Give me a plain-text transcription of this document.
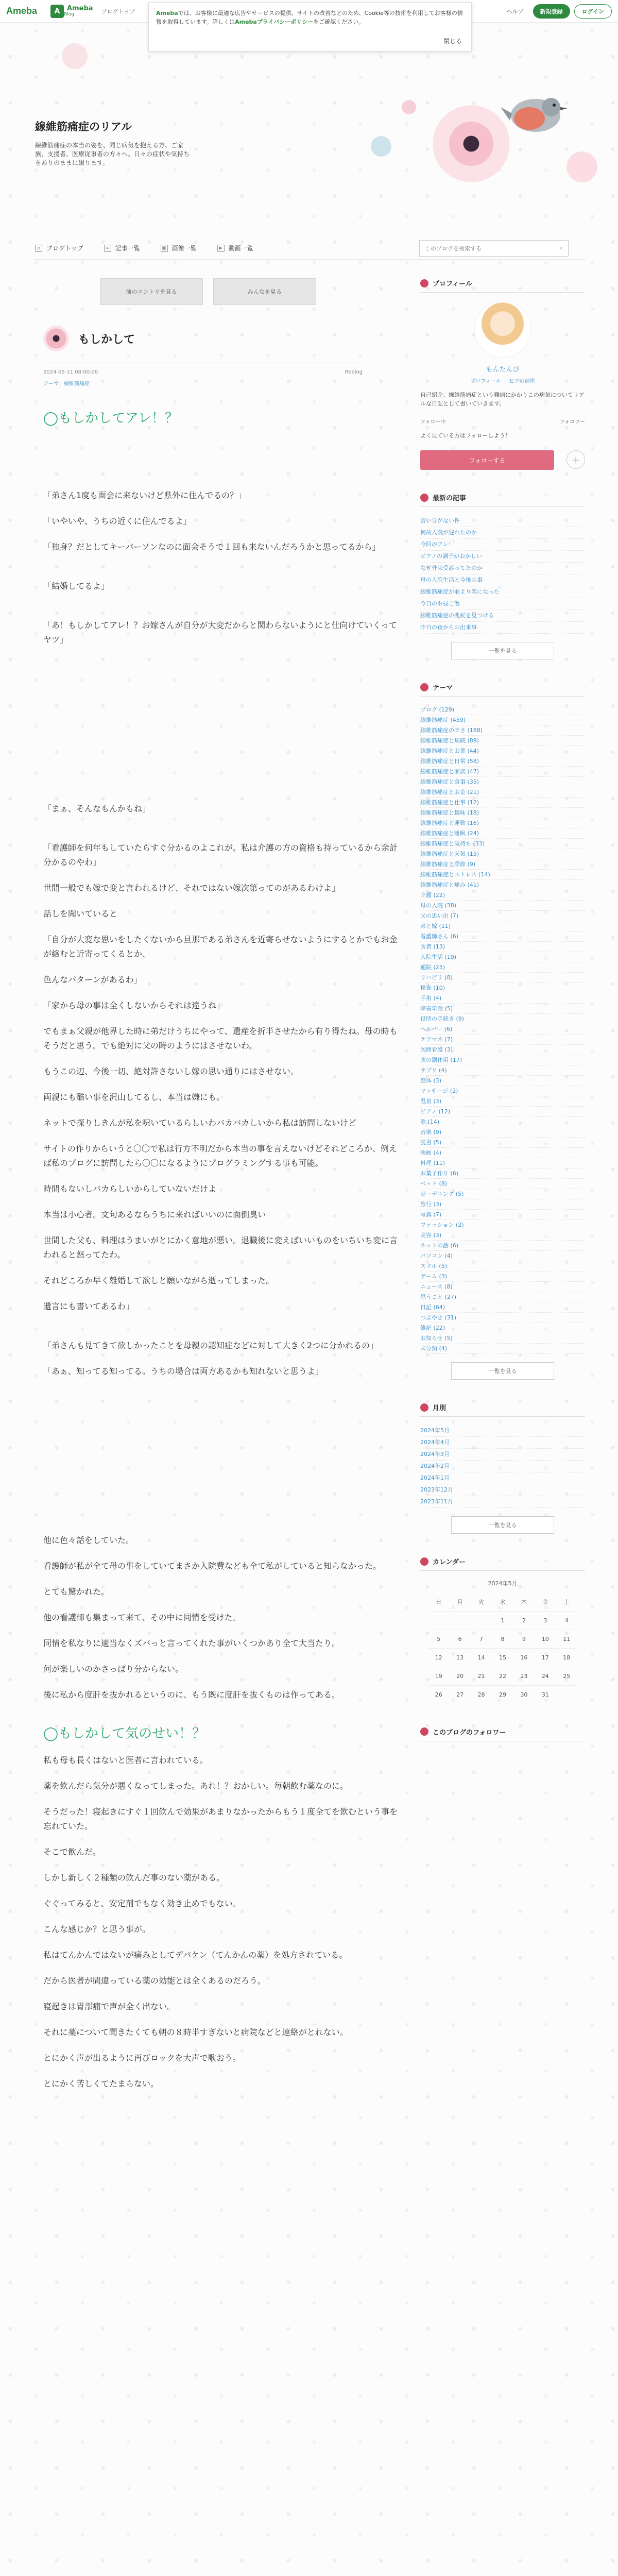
Ameba	A	Ameba
Blog	ブログトップ	ヘルプ	新規登録	ログイン
Amebaでは、お客様に最適な広告やサービスの提供、サイトの改善などのため、Cookie等の技術を利用してお客様の情報を取得しています。詳しくはAmebaプライバシーポリシーをご確認ください。
閉じる
線維筋痛症のリアル
線維筋痛症の本当の姿を、同じ病気を抱える方、ご家族、支援者、医療従事者の方々へ。日々の症状や気持ちをありのままに綴ります。
⌂	ブログトップ	≡ 記事一覧	▣ 画像一覧	▶ 動画一覧
このブログを検索する	⌕
前のエントリを見る	みんなを見る
もしかして
2024-05-11 08:00:00	Reblog
テーマ：線維筋痛症
◯もしかしてアレ！？

「弟さん1度も面会に来ないけど県外に住んでるの？」

「いやいや、うちの近くに住んでるよ」

「独身？だとしてキーパーソンなのに面会そうで１回も来ないんだろうかと思ってるから」

「結婚してるよ」

「あ！もしかしてアレ！？お嫁さんが自分が大変だからと関わらないようにと仕向けていくってヤツ」

「まぁ、そんなもんかもね」

「看護師を何年もしていたらすぐ分かるのよこれが。私は介護の方の資格も持っているから余計分かるのやわ」

世間一般でも嫁で変と言われるけど、それではない嫁次第ってのがあるわけよ」

話しを聞いていると

「自分が大変な思いをしたくないから旦那である弟さんを近寄らせないようにするとかでもお金が絡むと近寄ってくるとか、

色んなパターンがあるわ」

「家から母の事は全くしないからそれは違うね」

でもまぁ父親が他界した時に弟だけうちにやって、遺産を折半させたから有り得たね。母の時もそうだと思う。でも絶対に父の時のようにはさせないわ。

もうこの辺、今後一切、絶対許さないし嫁の思い通りにはさせない。

両親にも酷い事を沢山してるし、本当は嫌にも。

ネットで探りしきんが私を呪いているらしいわバカバカしいから私は訪問しないけど

サイトの作りからいうと〇〇で私は行方不明だから本当の事を言えないけどそれどころか、例えば私のブログに訪問したら〇〇になるようにプログラミングする事も可能。

時間もないしバカらしいからしていないだけよ

本当は小心者。文句あるならうちに来ればいいのに面倒臭い

世間した父も、料理はうまいがとにかく意地が悪い。退職後に変えばいいものをいちいち変に言われると怒ってたわ。

それどころか早く離婚して欲しと願いながら逝ってしまった。

遺言にも書いてあるわ」

「弟さんも見てきて欲しかったことを母親の認知症などに対して大きく2つに分かれるの」

「あぁ、知ってる知ってる。うちの場合は両方あるかも知れないと思うよ」

他に色々話をしていた。

看護師が私が全て母の事をしていてまさか入院費なども全て私がしていると知らなかった。

とても驚かれた。

他の看護師も集まって来て、その中に同情を受けた。

同情を私なりに適当なくズバっと言ってくれた事がいくつかあり全て大当たり。

何が楽しいのかさっぱり分からない。

後に私から度肝を抜かれるというのに、もう既に度肝を抜くものは作ってある。

◯もしかして気のせい！？

私も母も長くはないと医者に言われている。

薬を飲んだら気分が悪くなってしまった。あれ！？おかしい。毎朝飲む薬なのに。

そうだった！寝起きにすぐ１回飲んで効果があまりなかったからもう１度全てを飲むという事を忘れていた。

そこで飲んだ。

しかし新しく２種類の飲んだ事のない薬がある。

ぐぐってみると、安定剤でもなく効き止めでもない。

こんな感じか？と思う事が。

私はてんかんではないが痛みとしてデパケン（てんかんの薬）を処方されている。

だから医者が間違っている薬の効能とは全くあるのだろう。

寝起きは胃部痛で声が全く出ない。

それに薬について聞きたくても朝の８時半すぎないと病院などと連絡がとれない。

とにかく声が出るように再びロックを大声で歌おう。

とにかく苦しくてたまらない。

プロフィール
もんたんび
プロフィール ｜ ピグの部屋
自己紹介：線維筋痛症という難病にかかりこの病気についてリアルな日記として書いていきます。
フォロー中	フォロワー
よく見ている方はフォローしよう！
フォローする	＋
最新の記事
言い分がない件
何故入院が遅れたのか
今回のアレ！
ピアノの調子がおかしい
なぜ外来受診ってたのか
母の入院生活と今後の事
線維筋痛症が前より楽になった
今日のお昼ご飯
線維筋痛症の兆候を見つける
昨日の夜からの出来事
一覧を見る
テーマ
ブログ (129)
線維筋痛症 (459)
線維筋痛症の辛さ (188)
線維筋痛症と病院 (89)
線維筋痛症とお薬 (44)
線維筋痛症と日常 (58)
線維筋痛症と家族 (47)
線維筋痛症と食事 (35)
線維筋痛症とお金 (21)
線維筋痛症と仕事 (12)
線維筋痛症と趣味 (18)
線維筋痛症と運動 (16)
線維筋痛症と睡眠 (24)
線維筋痛症と気持ち (33)
線維筋痛症と天気 (15)
線維筋痛症と季節 (9)
線維筋痛症とストレス (14)
線維筋痛症と痛み (41)
介護 (22)
母の入院 (38)
父の思い出 (7)
弟と嫁 (11)
看護師さん (6)
医者 (13)
入院生活 (19)
通院 (25)
リハビリ (8)
検査 (10)
手術 (4)
障害年金 (5)
役所の手続き (9)
ヘルパー (6)
ケアマネ (7)
訪問看護 (3)
薬の副作用 (17)
サプリ (4)
整体 (3)
マッサージ (2)
温泉 (3)
ピアノ (12)
歌 (14)
音楽 (9)
読書 (5)
映画 (4)
料理 (11)
お菓子作り (6)
ペット (8)
ガーデニング (5)
旅行 (3)
写真 (7)
ファッション (2)
美容 (3)
ネットの話 (6)
パソコン (4)
スマホ (5)
ゲーム (3)
ニュース (8)
思うこと (27)
日記 (64)
つぶやき (31)
雑記 (22)
お知らせ (5)
未分類 (4)
一覧を見る
月別
2024年5月
2024年4月
2024年3月
2024年2月
2024年1月
2023年12月
2023年11月
一覧を見る
カレンダー
2024年5月
日	月	火	水	木	金	土
			1	2	3	4
5	6	7	8	9	10	11
12	13	14	15	16	17	18
19	20	21	22	23	24	25
26	27	28	29	30	31	
このブログのフォロワー
